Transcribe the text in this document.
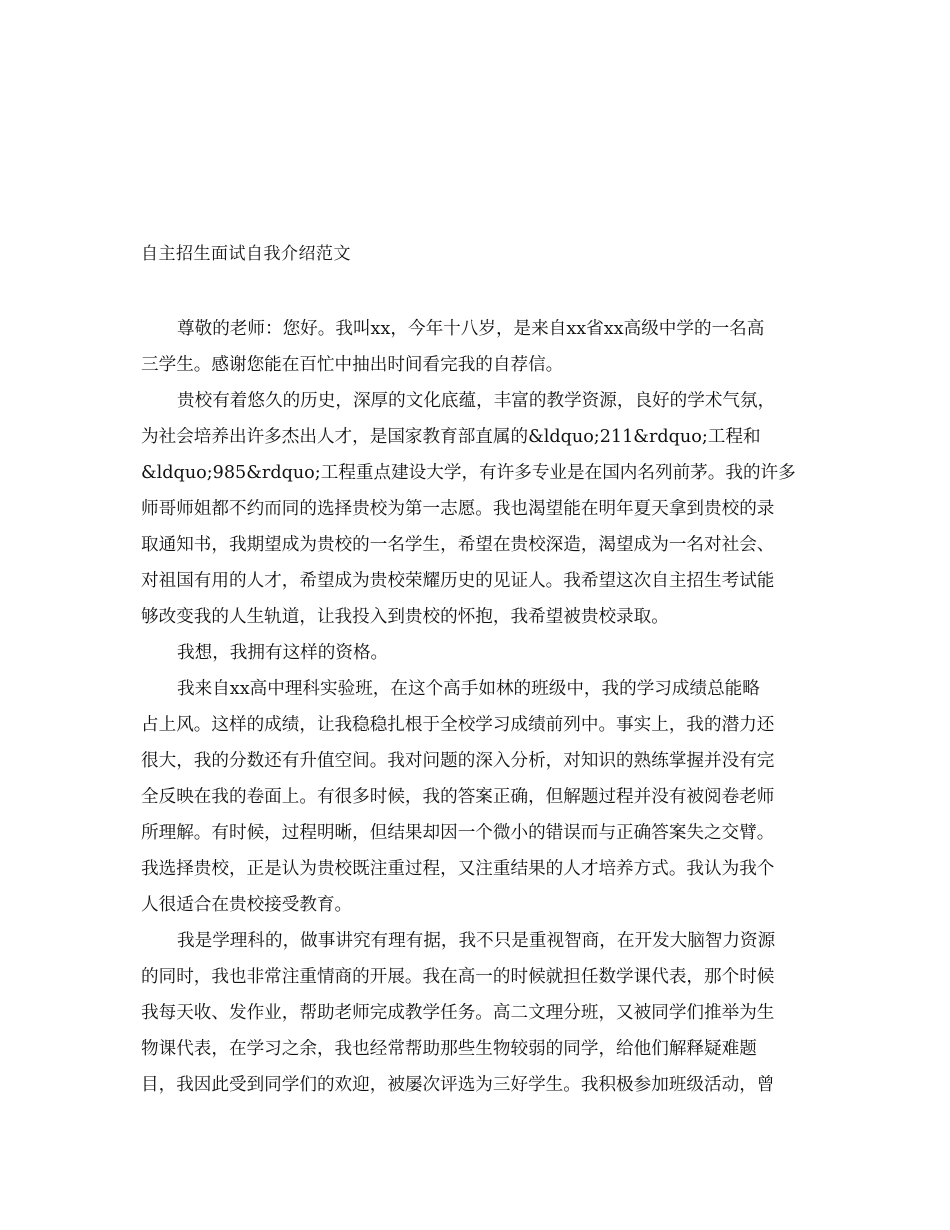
自主招生面试自我介绍范文
尊敬的老师：您好。我叫xx，今年十八岁，是来自xx省xx高级中学的一名高
三学生。感谢您能在百忙中抽出时间看完我的自荐信。
贵校有着悠久的历史，深厚的文化底蕴，丰富的教学资源，良好的学术气氛，
为社会培养出许多杰出人才，是国家教育部直属的&ldquo;211&rdquo;工程和
&ldquo;985&rdquo;工程重点建设大学，有许多专业是在国内名列前茅。我的许多
师哥师姐都不约而同的选择贵校为第一志愿。我也渴望能在明年夏天拿到贵校的录
取通知书，我期望成为贵校的一名学生，希望在贵校深造，渴望成为一名对社会、
对祖国有用的人才，希望成为贵校荣耀历史的见证人。我希望这次自主招生考试能
够改变我的人生轨道，让我投入到贵校的怀抱，我希望被贵校录取。
我想，我拥有这样的资格。
我来自xx高中理科实验班，在这个高手如林的班级中，我的学习成绩总能略
占上风。这样的成绩，让我稳稳扎根于全校学习成绩前列中。事实上，我的潜力还
很大，我的分数还有升值空间。我对问题的深入分析，对知识的熟练掌握并没有完
全反映在我的卷面上。有很多时候，我的答案正确，但解题过程并没有被阅卷老师
所理解。有时候，过程明晰，但结果却因一个微小的错误而与正确答案失之交臂。
我选择贵校，正是认为贵校既注重过程，又注重结果的人才培养方式。我认为我个
人很适合在贵校接受教育。
我是学理科的，做事讲究有理有据，我不只是重视智商，在开发大脑智力资源
的同时，我也非常注重情商的开展。我在高一的时候就担任数学课代表，那个时候
我每天收、发作业，帮助老师完成教学任务。高二文理分班，又被同学们推举为生
物课代表，在学习之余，我也经常帮助那些生物较弱的同学，给他们解释疑难题
目，我因此受到同学们的欢迎，被屡次评选为三好学生。我积极参加班级活动，曾
